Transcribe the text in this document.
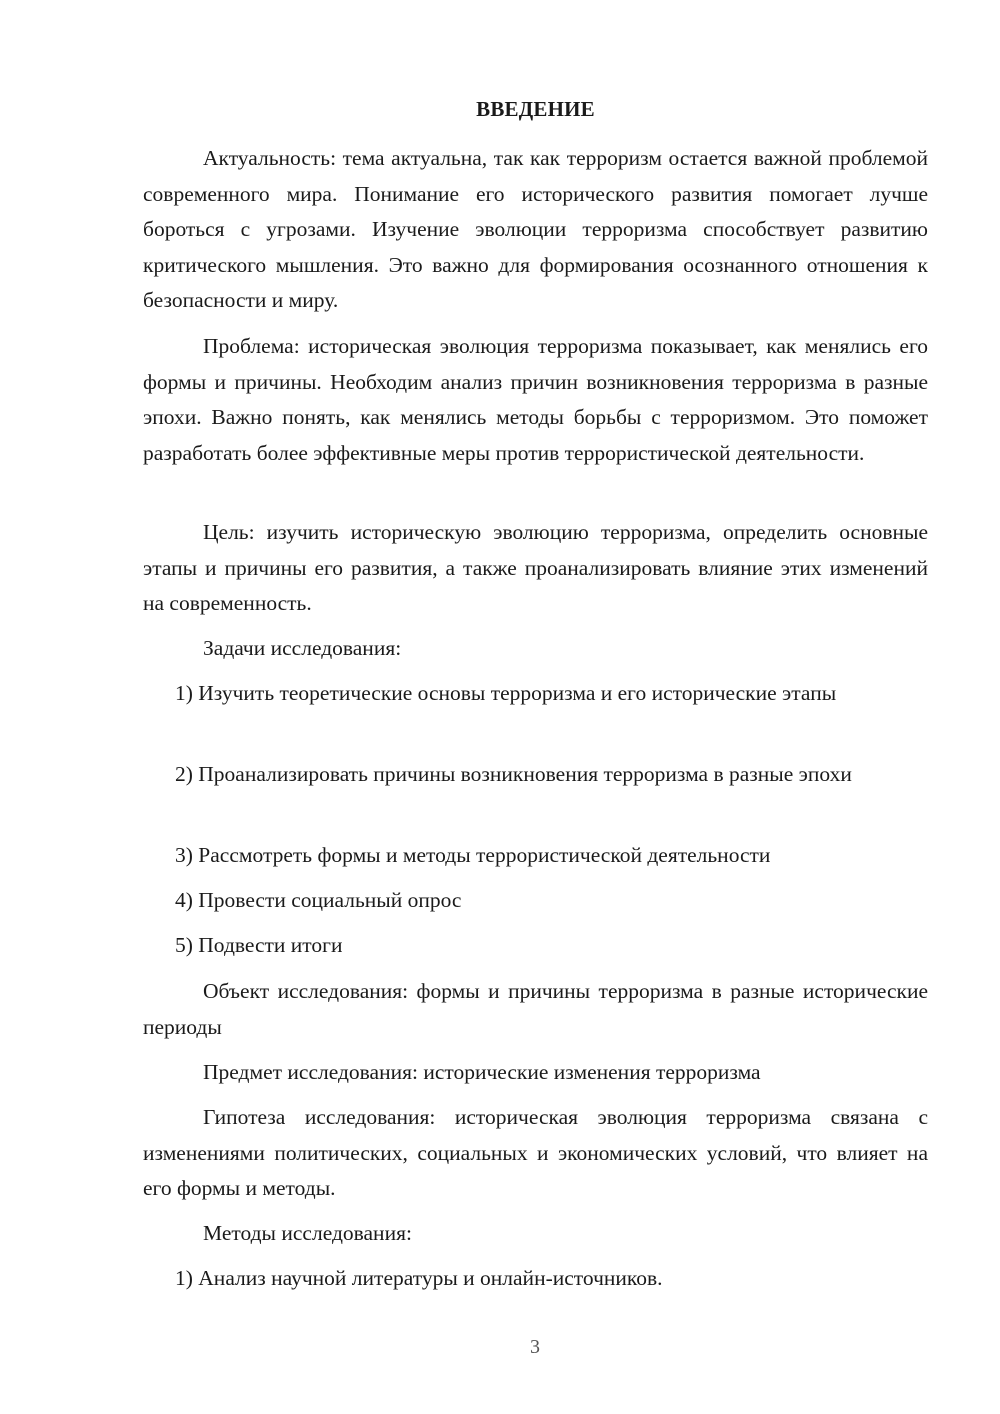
ВВЕДЕНИЕ

Актуальность: тема актуальна, так как терроризм остается важной проблемой современного мира. Понимание его исторического развития помогает лучше бороться с угрозами. Изучение эволюции терроризма способствует развитию критического мышления. Это важно для формирования осознанного отношения к безопасности и миру.

Проблема: историческая эволюция терроризма показывает, как менялись его формы и причины. Необходим анализ причин возникновения терроризма в разные эпохи. Важно понять, как менялись методы борьбы с терроризмом. Это поможет разработать более эффективные меры против террористической деятельности.

Цель: изучить историческую эволюцию терроризма, определить основные этапы и причины его развития, а также проанализировать влияние этих изменений на современность.

Задачи исследования:

1) Изучить теоретические основы терроризма и его исторические этапы

2) Проанализировать причины возникновения терроризма в разные эпохи

3) Рассмотреть формы и методы террористической деятельности

4) Провести социальный опрос

5) Подвести итоги

Объект исследования: формы и причины терроризма в разные исторические периоды

Предмет исследования: исторические изменения терроризма

Гипотеза исследования: историческая эволюция терроризма связана с изменениями политических, социальных и экономических условий, что влияет на его формы и методы.

Методы исследования:

1) Анализ научной литературы и онлайн-источников.

3
